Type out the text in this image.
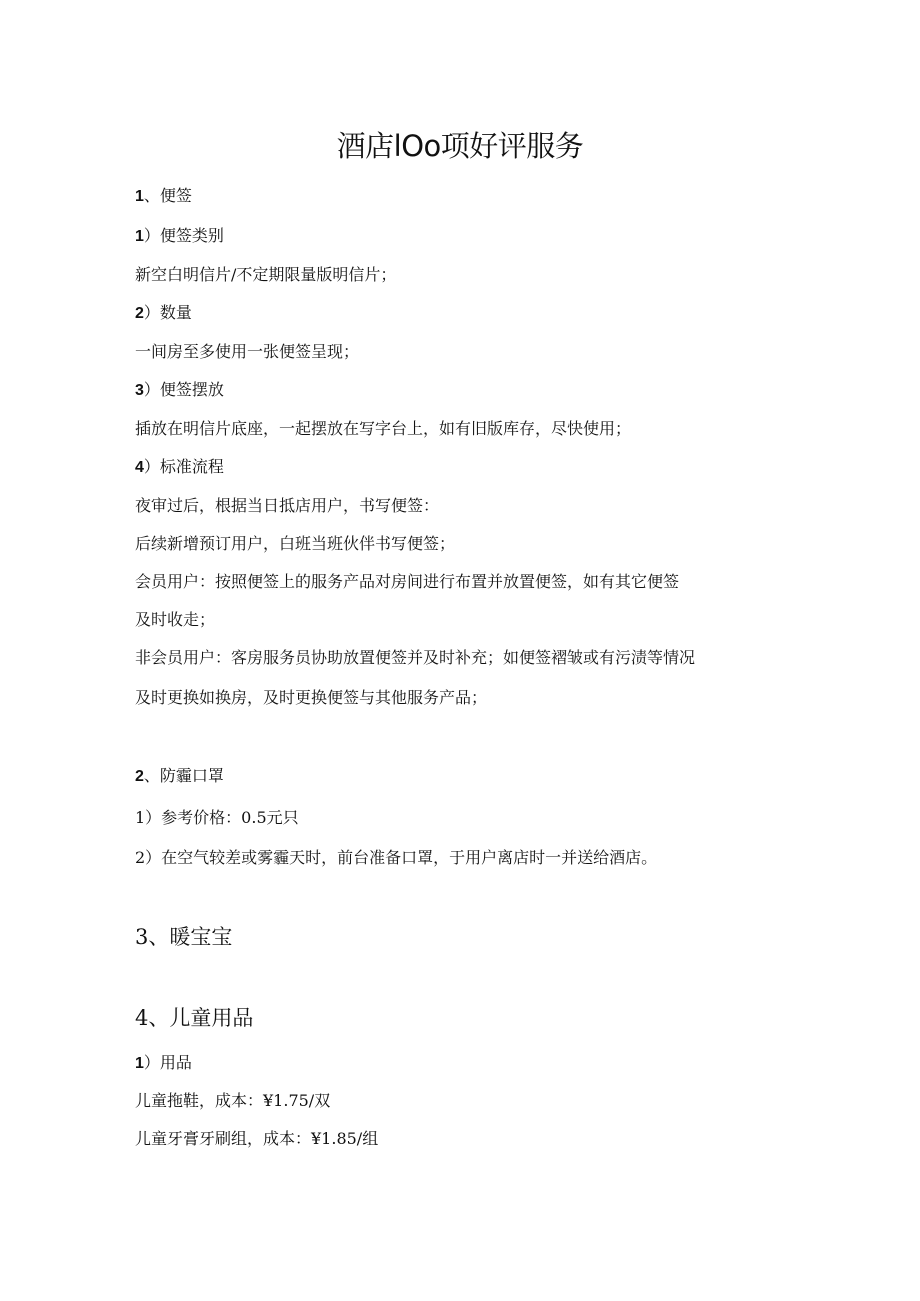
酒店lOo项好评服务
1、便签
1）便签类别
新空白明信片/不定期限量版明信片；
2）数量
一间房至多使用一张便签呈现；
3）便签摆放
插放在明信片底座，一起摆放在写字台上，如有旧版库存，尽快使用；
4）标准流程
夜审过后，根据当日抵店用户，书写便签：
后续新增预订用户，白班当班伙伴书写便签；
会员用户：按照便签上的服务产品对房间进行布置并放置便签，如有其它便签
及时收走；
非会员用户：客房服务员协助放置便签并及时补充；如便签褶皱或有污渍等情况
及时更换如换房，及时更换便签与其他服务产品；
2、防霾口罩
1）参考价格：0.5元只
2）在空气较差或雾霾天时，前台准备口罩，于用户离店时一并送给酒店。
3、暖宝宝
4、儿童用品
1）用品
儿童拖鞋，成本：¥1.75/双
儿童牙膏牙刷组，成本：¥1.85/组
